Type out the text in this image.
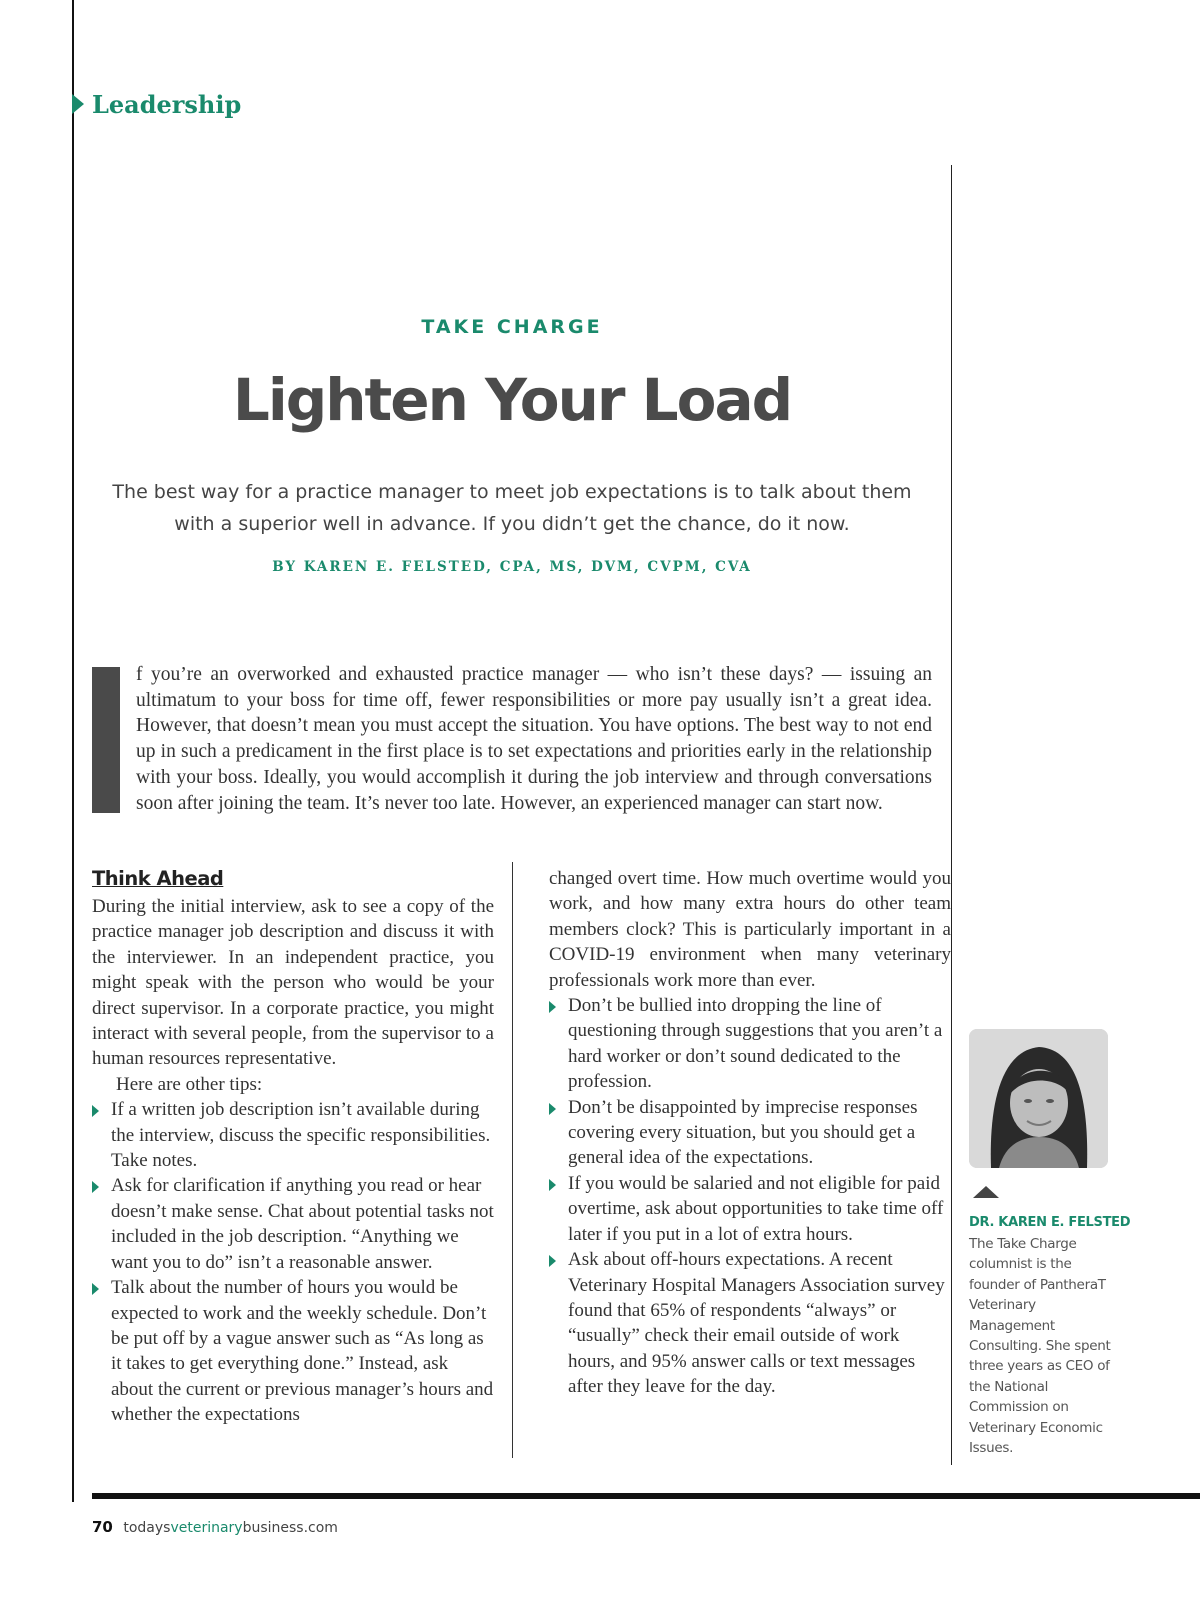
Leadership
TAKE CHARGE
Lighten Your Load

The best way for a practice manager to meet job expectations is to talk about them with a superior well in advance. If you didn’t get the chance, do it now.

BY KAREN E. FELSTED, CPA, MS, DVM, CVPM, CVA

f you’re an overworked and exhausted practice manager — who isn’t these days? — issuing an ultimatum to your boss for time off, fewer responsibilities or more pay usually isn’t a great idea. However, that doesn’t mean you must accept the situation. You have options. The best way to not end up in such a predicament in the first place is to set expectations and priorities early in the relationship with your boss. Ideally, you would accomplish it during the job interview and through conversations soon after joining the team. It’s never too late. However, an experienced manager can start now.

Think Ahead

During the initial interview, ask to see a copy of the practice manager job description and discuss it with the interviewer. In an independent practice, you might speak with the person who would be your direct supervisor. In a corporate practice, you might interact with several people, from the supervisor to a human resources representative.

Here are other tips:

If a written job description isn’t available during the interview, discuss the specific responsibilities. Take notes.
Ask for clarification if anything you read or hear doesn’t make sense. Chat about potential tasks not included in the job description. “Anything we want you to do” isn’t a reasonable answer.
Talk about the number of hours you would be expected to work and the weekly schedule. Don’t be put off by a vague answer such as “As long as it takes to get everything done.” Instead, ask about the current or previous manager’s hours and whether the expectations

changed overt time. How much overtime would you work, and how many extra hours do other team members clock? This is particularly important in a COVID-19 environment when many veterinary professionals work more than ever.

Don’t be bullied into dropping the line of questioning through suggestions that you aren’t a hard worker or don’t sound dedicated to the profession.
Don’t be disappointed by imprecise responses covering every situation, but you should get a general idea of the expectations.
If you would be salaried and not eligible for paid overtime, ask about opportunities to take time off later if you put in a lot of extra hours.
Ask about off-hours expectations. A recent Veterinary Hospital Managers Association survey found that 65% of respondents “always” or “usually” check their email outside of work hours, and 95% answer calls or text messages after they leave for the day.
DR. KAREN E. FELSTED

The Take Charge columnist is the founder of PantheraT Veterinary Management Consulting. She spent three years as CEO of the National Commission on Veterinary Economic Issues.

70 todaysveterinarybusiness.com
